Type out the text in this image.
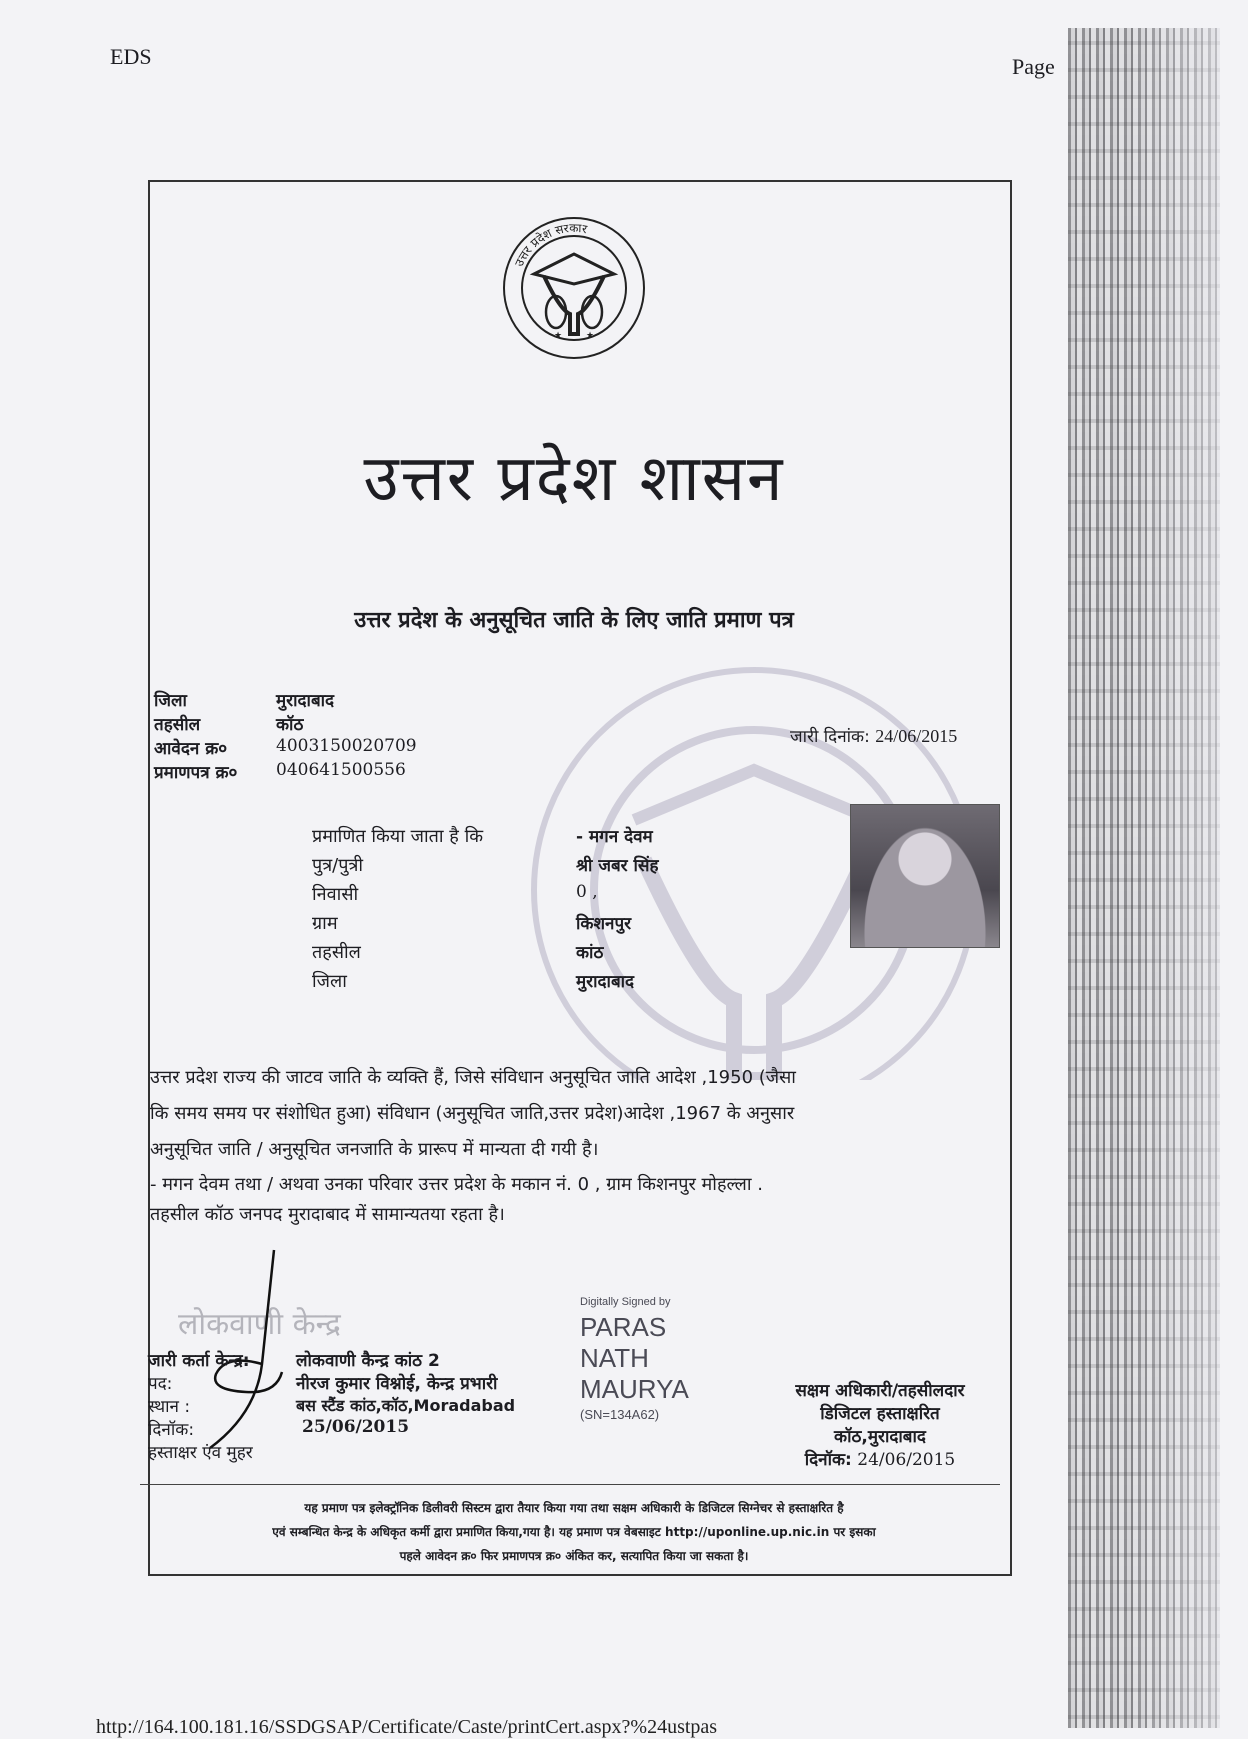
EDS	Page
★	★
उत्तर प्रदेश सरकार
उत्तर प्रदेश शासन
उत्तर प्रदेश के अनुसूचित जाति के लिए जाति प्रमाण पत्र
जिला	मुरादाबाद
तहसील	कॉठ
आवेदन क्र०	4003150020709
प्रमाणपत्र क्र० 040641500556
जारी दिनांक: 24/06/2015
प्रमाणित किया जाता है कि	- मगन देवम
पुत्र/पुत्री	श्री जबर सिंह
निवासी	0 ,
ग्राम	किशनपुर
तहसील	कांठ
जिला	मुरादाबाद
उत्तर प्रदेश राज्य की जाटव जाति के व्यक्ति हैं, जिसे संविधान अनुसूचित जाति आदेश ,1950 (जैसा
कि समय समय पर संशोधित हुआ) संविधान (अनुसूचित जाति,उत्तर प्रदेश)आदेश ,1967 के अनुसार
अनुसूचित जाति / अनुसूचित जनजाति के प्रारूप में मान्यता दी गयी है।
- मगन देवम तथा / अथवा उनका परिवार उत्तर प्रदेश के मकान नं. 0 , ग्राम किशनपुर मोहल्ला .
तहसील कॉठ जनपद मुरादाबाद में सामान्यतया रहता है।
लोकवाणी केन्द्र
जारी कर्ता केन्द्र:	लोकवाणी कैन्द्र कांठ 2
पद:	नीरज कुमार विश्नोई, केन्द्र प्रभारी
स्थान :	बस स्टैंड कांठ,कॉठ,Moradabad
दिनॉक:	25/06/2015
हस्ताक्षर एंव मुहर
Digitally Signed by
PARAS
NATH
MAURYA
(SN=134A62)
सक्षम अधिकारी/तहसीलदार
डिजिटल हस्ताक्षरित
कॉठ,मुरादाबाद
दिनॉक: 24/06/2015
यह प्रमाण पत्र इलेक्ट्रॉनिक डिलीवरी सिस्टम द्वारा तैयार किया गया तथा सक्षम अधिकारी के डिजिटल सिग्नेचर से हस्ताक्षरित है
एवं सम्बन्धित केन्द्र के अधिकृत कर्मी द्वारा प्रमाणित किया,गया है। यह प्रमाण पत्र वेबसाइट http://uponline.up.nic.in पर इसका
पहले आवेदन क्र० फिर प्रमाणपत्र क्र० अंकित कर, सत्यापित किया जा सकता है।
http://164.100.181.16/SSDGSAP/Certificate/Caste/printCert.aspx?%24ustpas
